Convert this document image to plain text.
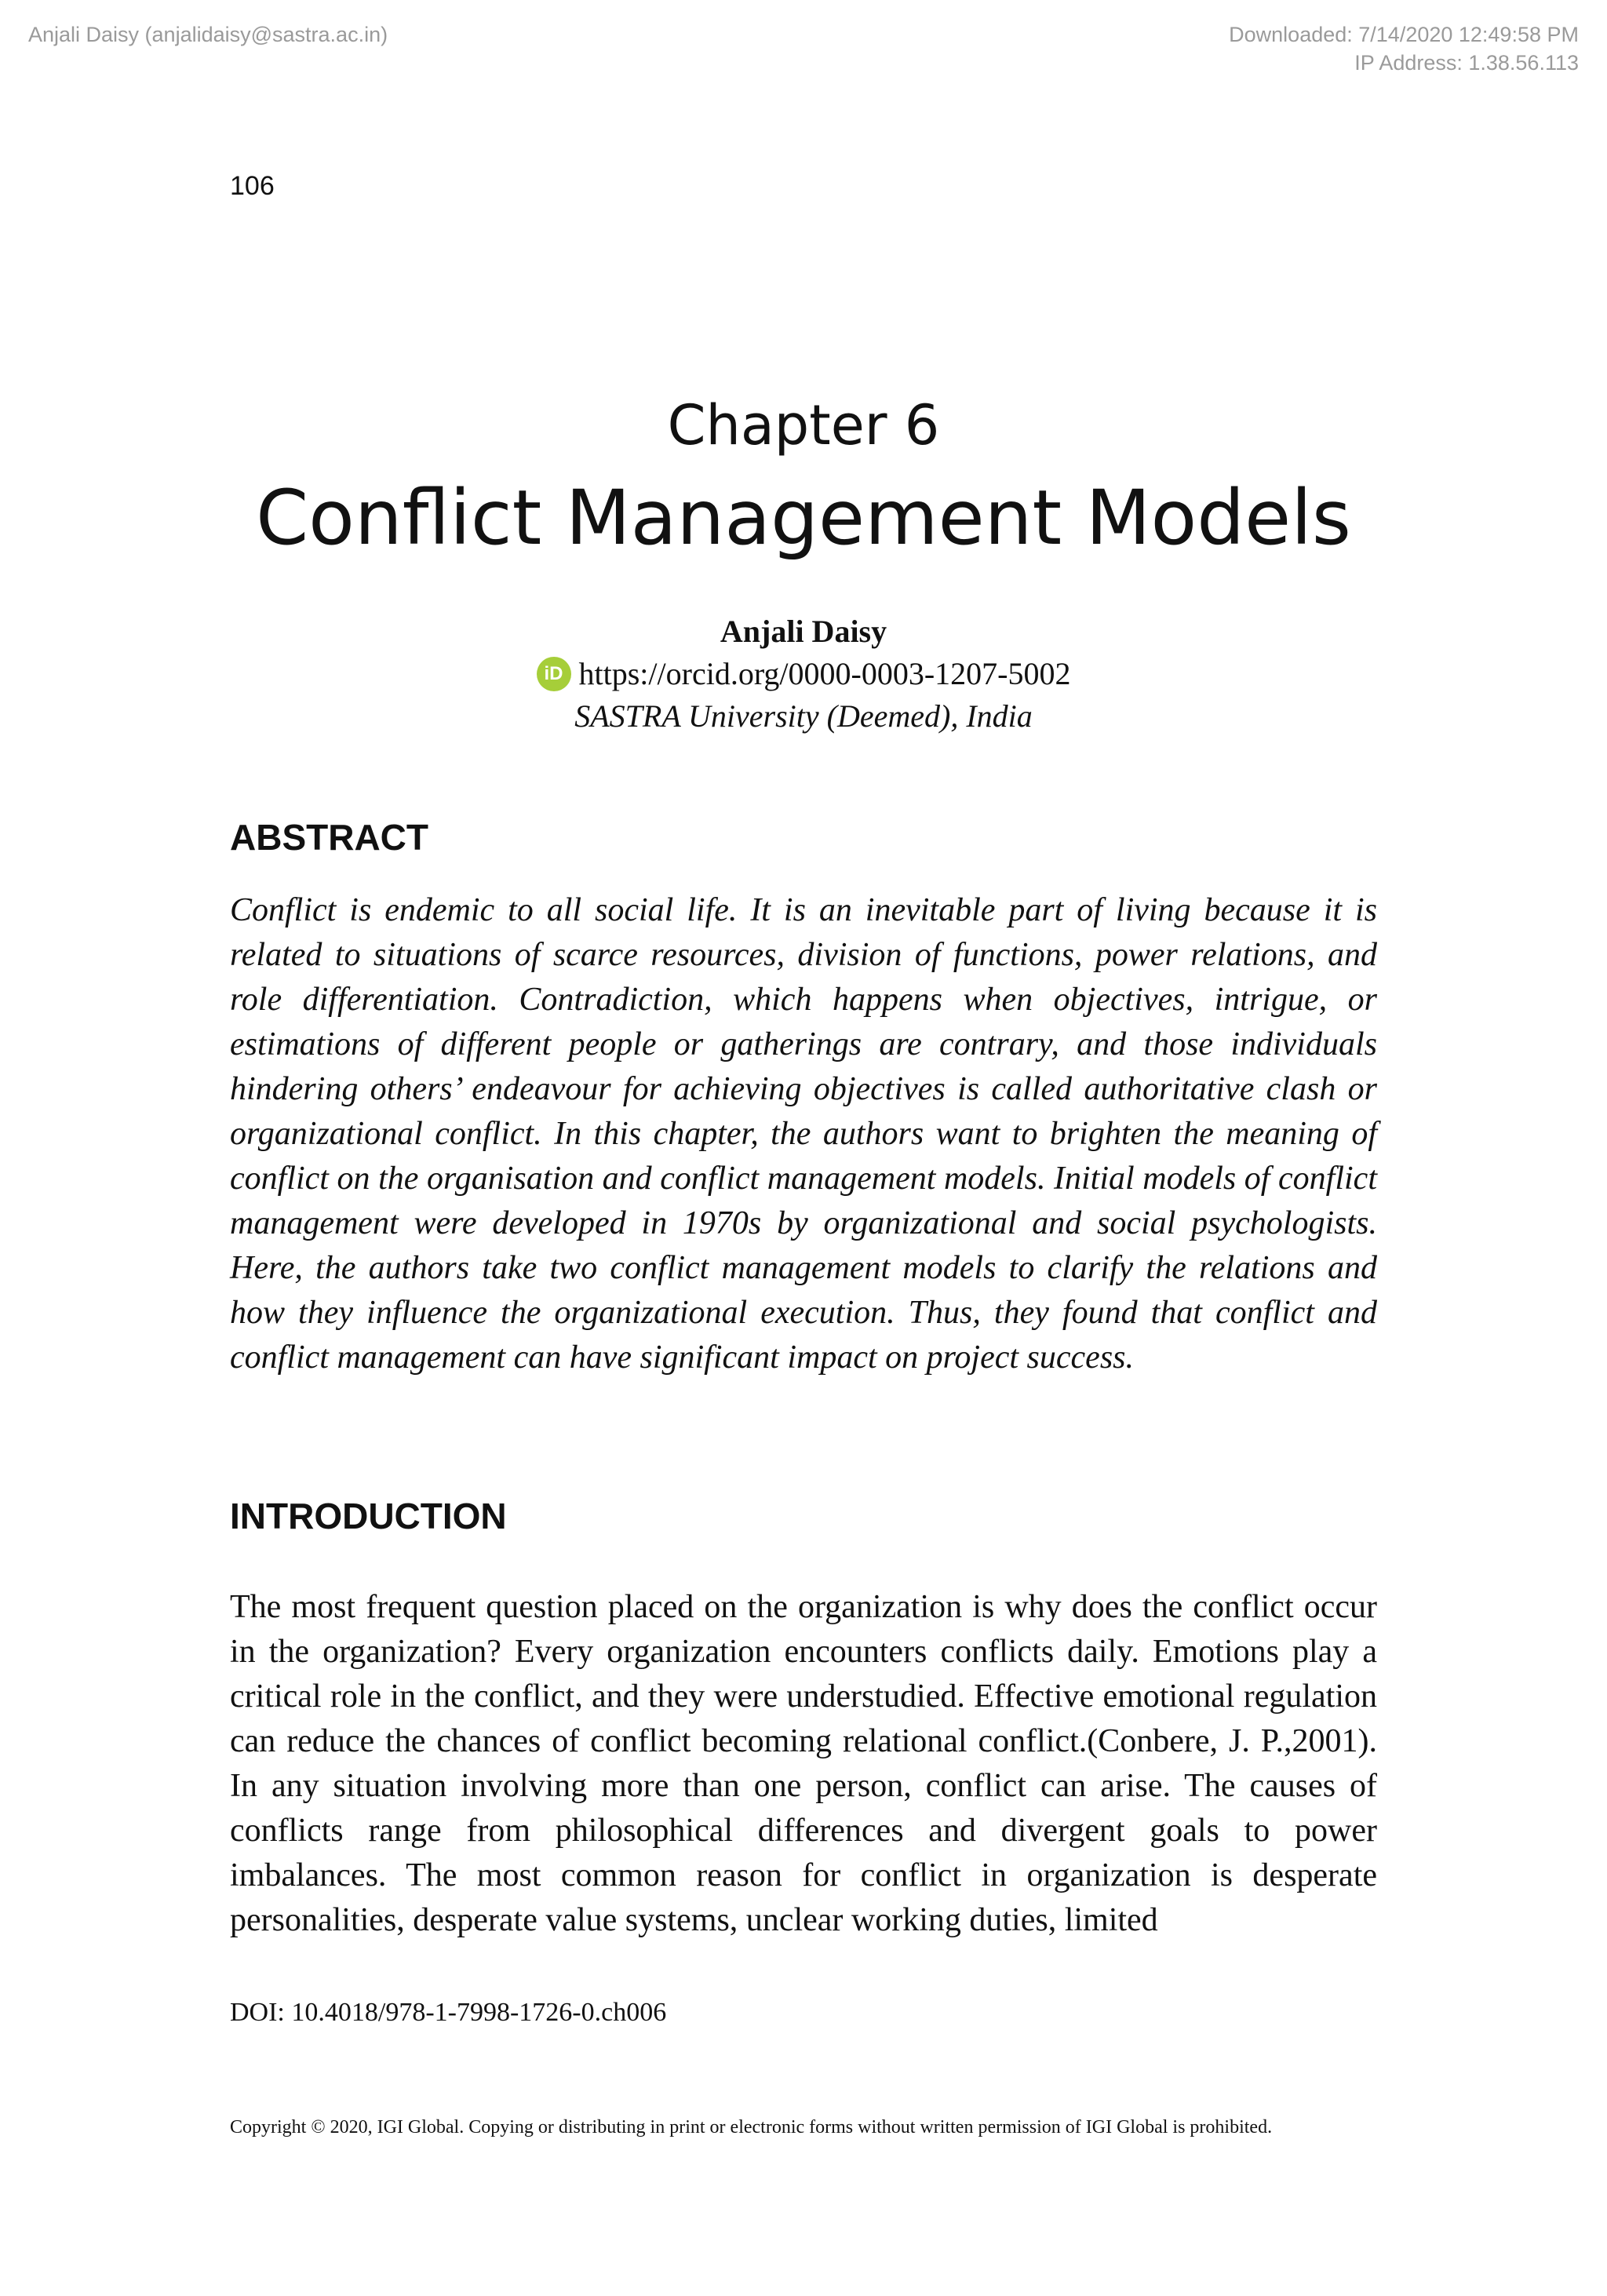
Anjali Daisy (anjalidaisy@sastra.ac.in)	Downloaded: 7/14/2020 12:49:58 PM
IP Address: 1.38.56.113

106

Chapter 6
Conflict Management Models

Anjali Daisy

iD https://orcid.org/0000-0003-1207-5002

SASTRA University (Deemed), India

ABSTRACT

Conflict is endemic to all social life. It is an inevitable part of living because it is related to situations of scarce resources, division of functions, power relations, and role differentiation. Contradiction, which happens when objectives, intrigue, or estimations of different people or gatherings are contrary, and those individuals hindering others’ endeavour for achieving objectives is called authoritative clash or organizational conflict. In this chapter, the authors want to brighten the meaning of conflict on the organisation and conflict management models. Initial models of conflict management were developed in 1970s by organizational and social psychologists. Here, the authors take two conflict management models to clarify the relations and how they influence the organizational execution. Thus, they found that conflict and conflict management can have significant impact on project success.

INTRODUCTION

The most frequent question placed on the organization is why does the conflict occur in the organization? Every organization encounters conflicts daily. Emotions play a critical role in the conflict, and they were understudied. Effective emotional regulation can reduce the chances of conflict becoming relational conflict.(Conbere, J. P.,2001). In any situation involving more than one person, conflict can arise. The causes of conflicts range from philosophical differences and divergent goals to power imbalances. The most common reason for conflict in organization is desperate personalities, desperate value systems, unclear working duties, limited

DOI: 10.4018/978-1-7998-1726-0.ch006

Copyright © 2020, IGI Global. Copying or distributing in print or electronic forms without written permission of IGI Global is prohibited.
